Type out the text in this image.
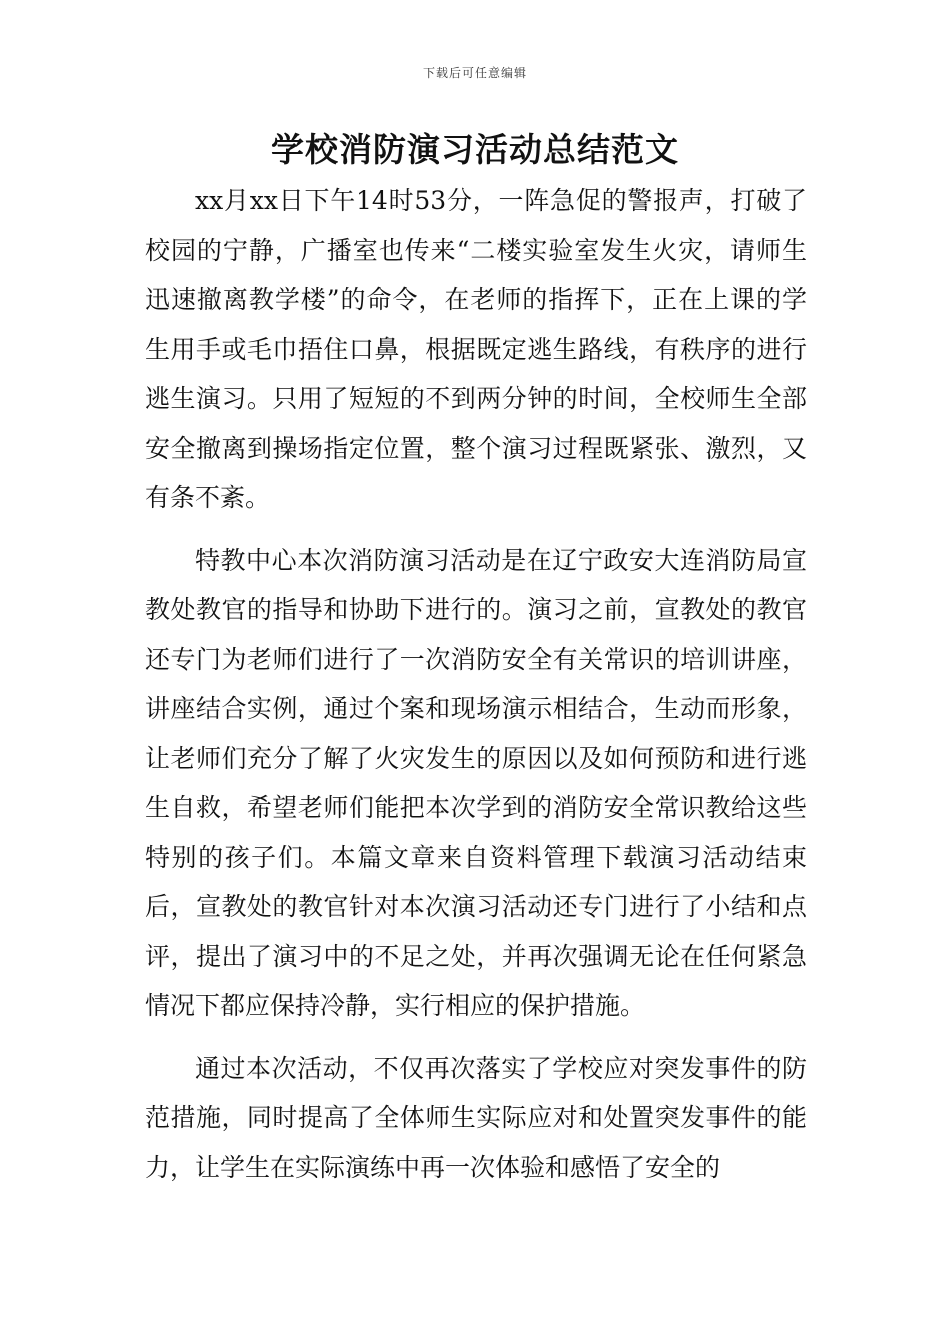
下载后可任意编辑
学校消防演习活动总结范文

xx月xx日下午14时53分，一阵急促的警报声，打破了校园的宁静，广播室也传来“二楼实验室发生火灾，请师生迅速撤离教学楼”的命令，在老师的指挥下，正在上课的学生用手或毛巾捂住口鼻，根据既定逃生路线，有秩序的进行逃生演习。只用了短短的不到两分钟的时间，全校师生全部安全撤离到操场指定位置，整个演习过程既紧张、激烈，又有条不紊。

特教中心本次消防演习活动是在辽宁政安大连消防局宣教处教官的指导和协助下进行的。演习之前，宣教处的教官还专门为老师们进行了一次消防安全有关常识的培训讲座，讲座结合实例，通过个案和现场演示相结合，生动而形象，让老师们充分了解了火灾发生的原因以及如何预防和进行逃生自救，希望老师们能把本次学到的消防安全常识教给这些特别的孩子们。本篇文章来自资料管理下载演习活动结束后，宣教处的教官针对本次演习活动还专门进行了小结和点评，提出了演习中的不足之处，并再次强调无论在任何紧急情况下都应保持冷静，实行相应的保护措施。

通过本次活动，不仅再次落实了学校应对突发事件的防范措施，同时提高了全体师生实际应对和处置突发事件的能力，让学生在实际演练中再一次体验和感悟了安全的
